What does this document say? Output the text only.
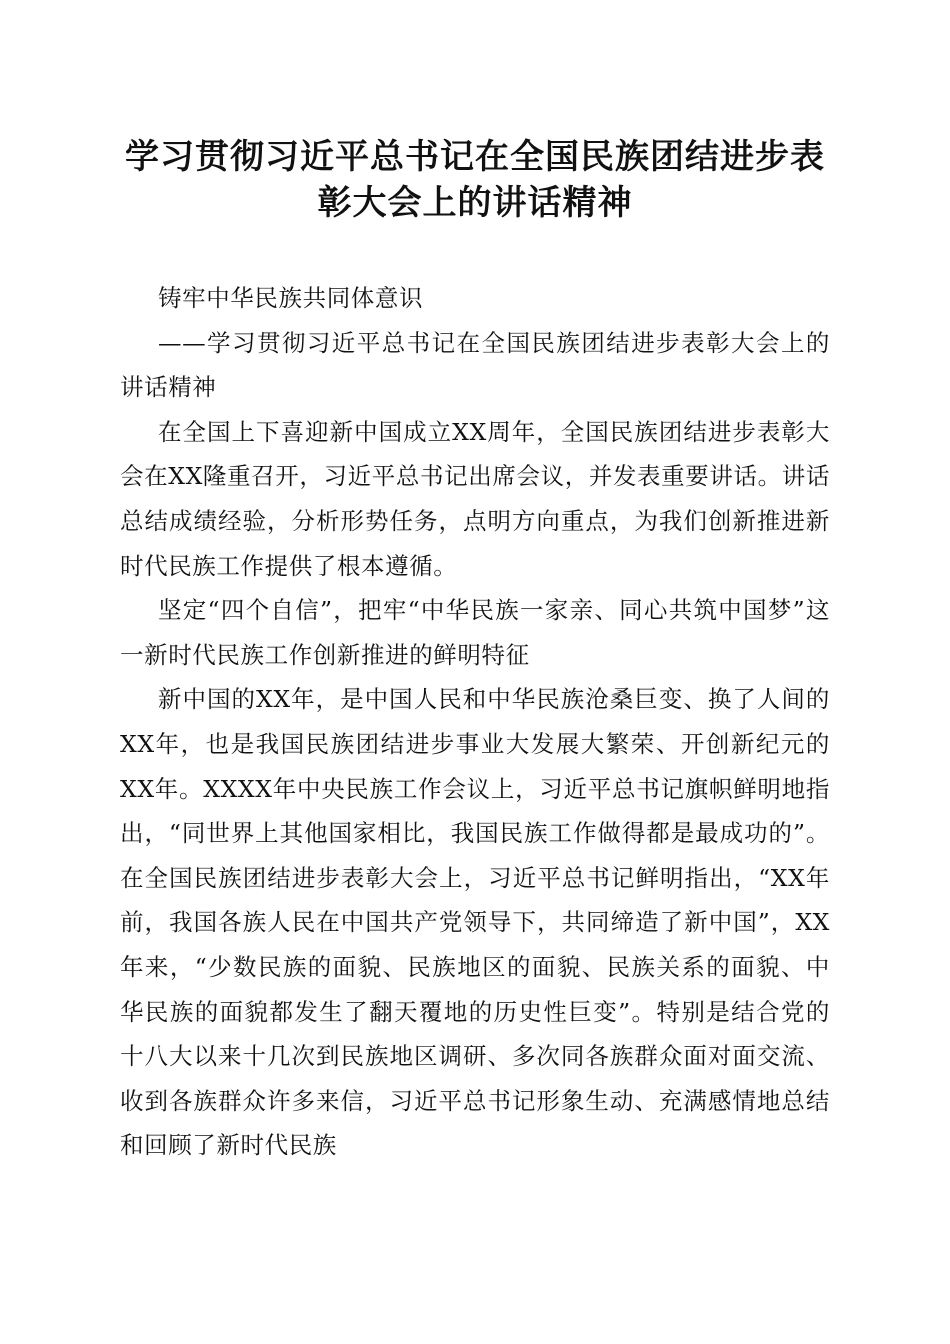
学习贯彻习近平总书记在全国民族团结进步表
彰大会上的讲话精神

铸牢中华民族共同体意识

——学习贯彻习近平总书记在全国民族团结进步表彰大会上的讲话精神

在全国上下喜迎新中国成立XX周年，全国民族团结进步表彰大会在XX隆重召开，习近平总书记出席会议，并发表重要讲话。讲话总结成绩经验，分析形势任务，点明方向重点，为我们创新推进新时代民族工作提供了根本遵循。

坚定“四个自信”，把牢“中华民族一家亲、同心共筑中国梦”这一新时代民族工作创新推进的鲜明特征

新中国的XX年，是中国人民和中华民族沧桑巨变、换了人间的XX年，也是我国民族团结进步事业大发展大繁荣、开创新纪元的XX年。XXXX年中央民族工作会议上，习近平总书记旗帜鲜明地指出，“同世界上其他国家相比，我国民族工作做得都是最成功的”。在全国民族团结进步表彰大会上，习近平总书记鲜明指出，“XX年前，我国各族人民在中国共产党领导下，共同缔造了新中国”，XX年来，“少数民族的面貌、民族地区的面貌、民族关系的面貌、中华民族的面貌都发生了翻天覆地的历史性巨变”。特别是结合党的十八大以来十几次到民族地区调研、多次同各族群众面对面交流、收到各族群众许多来信，习近平总书记形象生动、充满感情地总结和回顾了新时代民族
